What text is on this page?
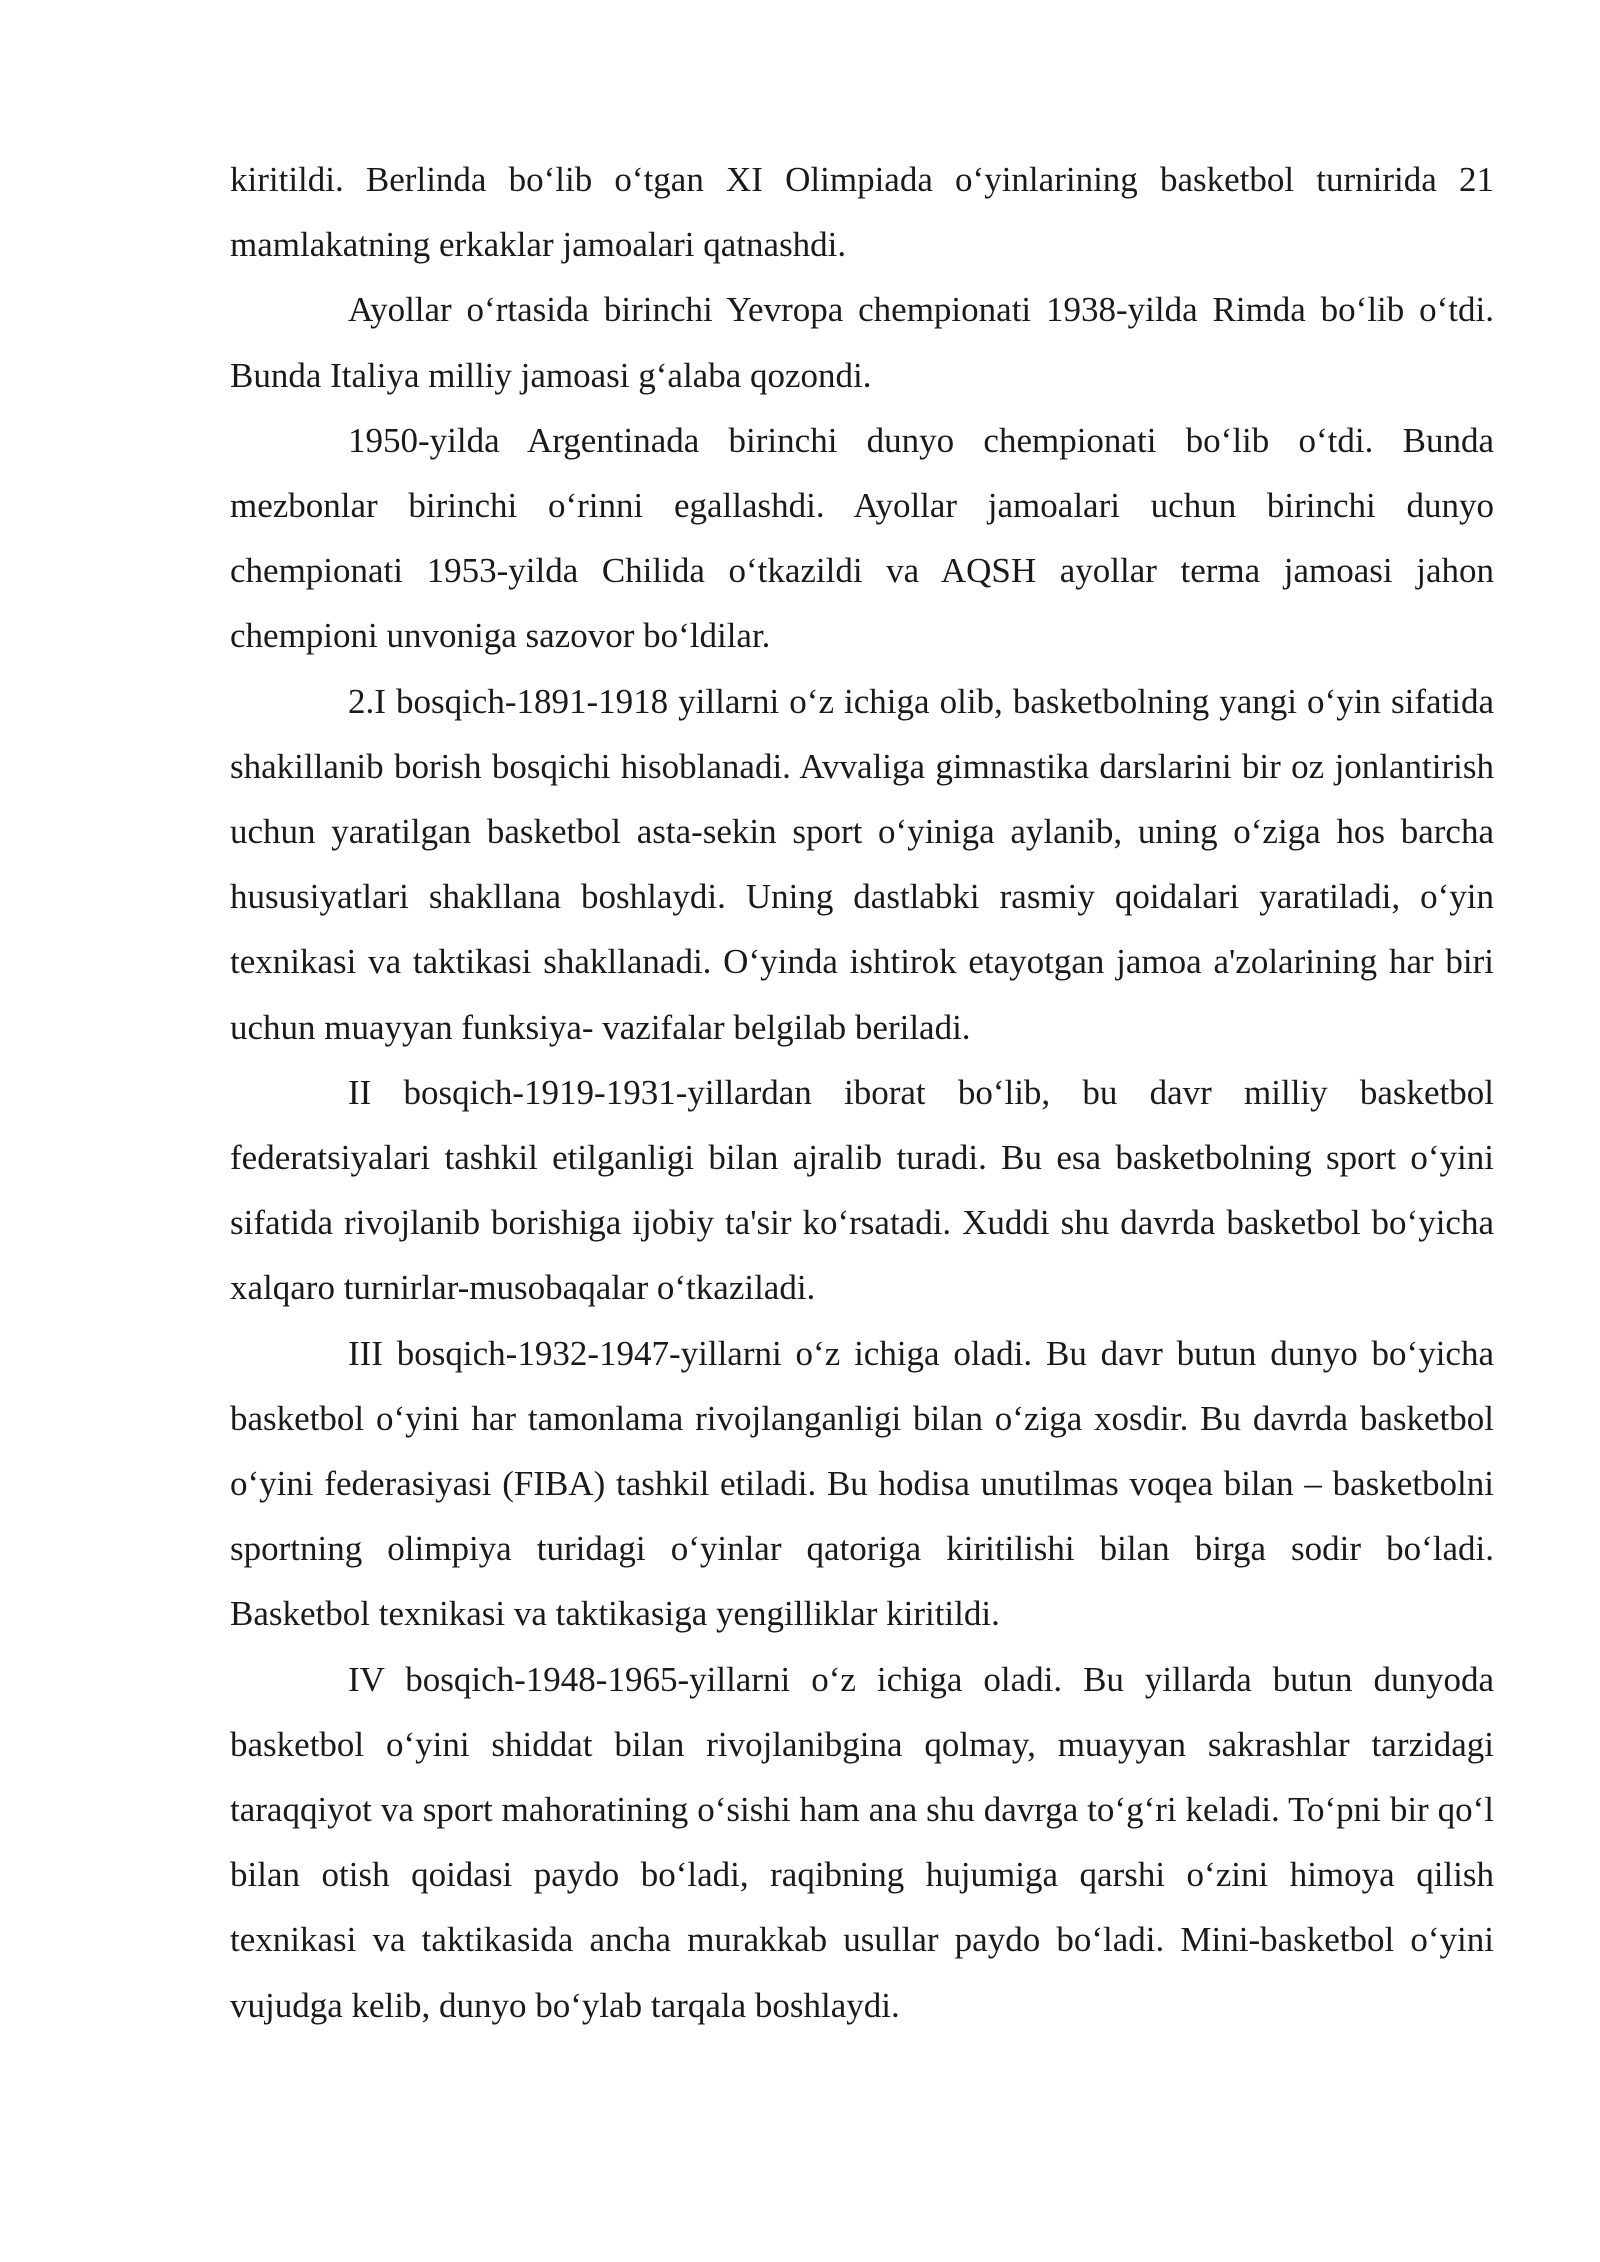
kiritildi. Berlinda boʻlib oʻtgan XI Olimpiada oʻyinlarining basketbol turnirida 21 mamlakatning erkaklar jamoalari qatnashdi.

Ayollar oʻrtasida birinchi Yevropa chempionati 1938-yilda Rimda boʻlib oʻtdi. Bunda Italiya milliy jamoasi gʻalaba qozondi.

1950-yilda Argentinada birinchi dunyo chempionati boʻlib oʻtdi. Bunda mezbonlar birinchi oʻrinni egallashdi. Ayollar jamoalari uchun birinchi dunyo chempionati 1953-yilda Chilida oʻtkazildi va AQSH ayollar terma jamoasi jahon chempioni unvoniga sazovor boʻldilar.

2.I bosqich-1891-1918 yillarni oʻz ichiga olib, basketbolning yangi oʻyin sifatida shakillanib borish bosqichi hisoblanadi. Avvaliga gimnastika darslarini bir oz jonlantirish uchun yaratilgan basketbol asta-sekin sport oʻyiniga aylanib, uning oʻziga hos barcha hususiyatlari shakllana boshlaydi. Uning dastlabki rasmiy qoidalari yaratiladi, oʻyin texnikasi va taktikasi shakllanadi. Oʻyinda ishtirok etayotgan jamoa a'zolarining har biri uchun muayyan funksiya- vazifalar belgilab beriladi.

II bosqich-1919-1931-yillardan iborat boʻlib, bu davr milliy basketbol federatsiyalari tashkil etilganligi bilan ajralib turadi. Bu esa basketbolning sport oʻyini sifatida rivojlanib borishiga ijobiy ta'sir koʻrsatadi. Xuddi shu davrda basketbol boʻyicha xalqaro turnirlar-musobaqalar oʻtkaziladi.

III bosqich-1932-1947-yillarni oʻz ichiga oladi. Bu davr butun dunyo boʻyicha basketbol oʻyini har tamonlama rivojlanganligi bilan oʻziga xosdir. Bu davrda basketbol oʻyini federasiyasi (FIBA) tashkil etiladi. Bu hodisa unutilmas voqea bilan – basketbolni sportning olimpiya turidagi oʻyinlar qatoriga kiritilishi bilan birga sodir boʻladi. Basketbol texnikasi va taktikasiga yengilliklar kiritildi.

IV bosqich-1948-1965-yillarni oʻz ichiga oladi. Bu yillarda butun dunyoda basketbol oʻyini shiddat bilan rivojlanibgina qolmay, muayyan sakrashlar tarzidagi taraqqiyot va sport mahoratining oʻsishi ham ana shu davrga toʻgʻri keladi. Toʻpni bir qoʻl bilan otish qoidasi paydo boʻladi, raqibning hujumiga qarshi oʻzini himoya qilish texnikasi va taktikasida ancha murakkab usullar paydo boʻladi. Mini-basketbol oʻyini vujudga kelib, dunyo boʻylab tarqala boshlaydi.
